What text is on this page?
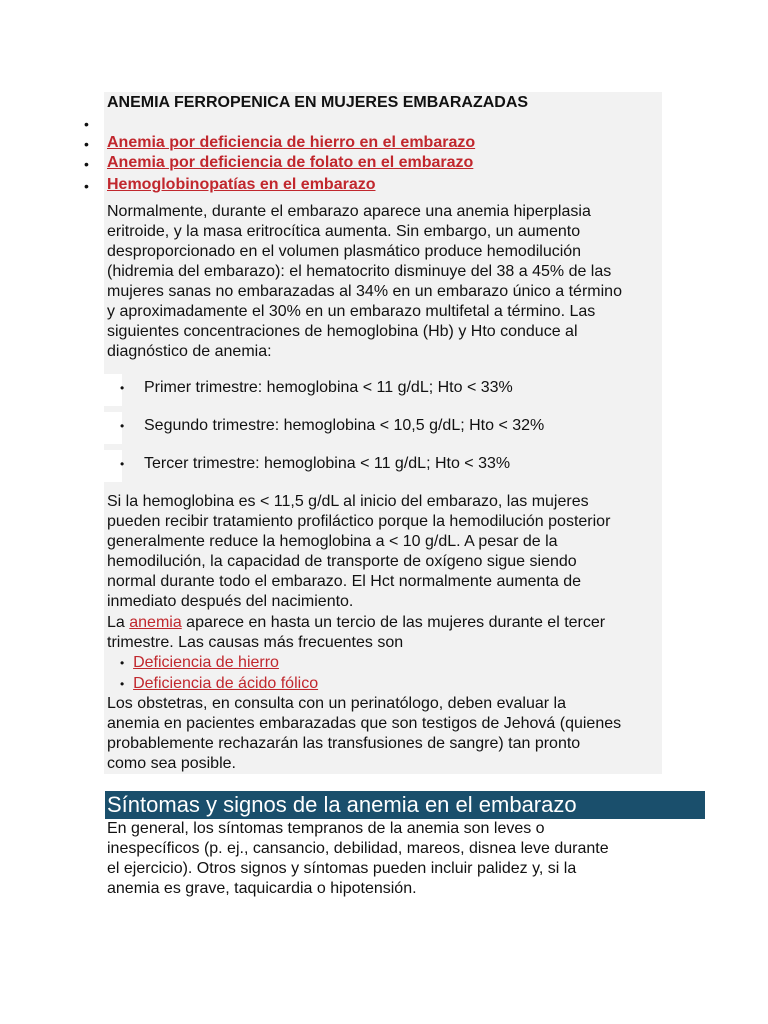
ANEMIA FERROPENICA EN MUJERES EMBARAZADAS
•
• Anemia por deficiencia de hierro en el embarazo
• Anemia por deficiencia de folato en el embarazo
• Hemoglobinopatías en el embarazo
Normalmente, durante el embarazo aparece una anemia hiperplasia
eritroide, y la masa eritrocítica aumenta. Sin embargo, un aumento
desproporcionado en el volumen plasmático produce hemodilución
(hidremia del embarazo): el hematocrito disminuye del 38 a 45% de las
mujeres sanas no embarazadas al 34% en un embarazo único a término
y aproximadamente el 30% en un embarazo multifetal a término. Las
siguientes concentraciones de hemoglobina (Hb) y Hto conduce al
diagnóstico de anemia:
• Primer trimestre: hemoglobina < 11 g/dL; Hto < 33%
• Segundo trimestre: hemoglobina < 10,5 g/dL; Hto < 32%
• Tercer trimestre: hemoglobina < 11 g/dL; Hto < 33%
Si la hemoglobina es < 11,5 g/dL al inicio del embarazo, las mujeres
pueden recibir tratamiento profiláctico porque la hemodilución posterior
generalmente reduce la hemoglobina a < 10 g/dL. A pesar de la
hemodilución, la capacidad de transporte de oxígeno sigue siendo
normal durante todo el embarazo. El Hct normalmente aumenta de
inmediato después del nacimiento.
La anemia aparece en hasta un tercio de las mujeres durante el tercer
trimestre. Las causas más frecuentes son
• Deficiencia de hierro
• Deficiencia de ácido fólico
Los obstetras, en consulta con un perinatólogo, deben evaluar la
anemia en pacientes embarazadas que son testigos de Jehová (quienes
probablemente rechazarán las transfusiones de sangre) tan pronto
como sea posible.
Síntomas y signos de la anemia en el embarazo
En general, los síntomas tempranos de la anemia son leves o
inespecíficos (p. ej., cansancio, debilidad, mareos, disnea leve durante
el ejercicio). Otros signos y síntomas pueden incluir palidez y, si la
anemia es grave, taquicardia o hipotensión.
